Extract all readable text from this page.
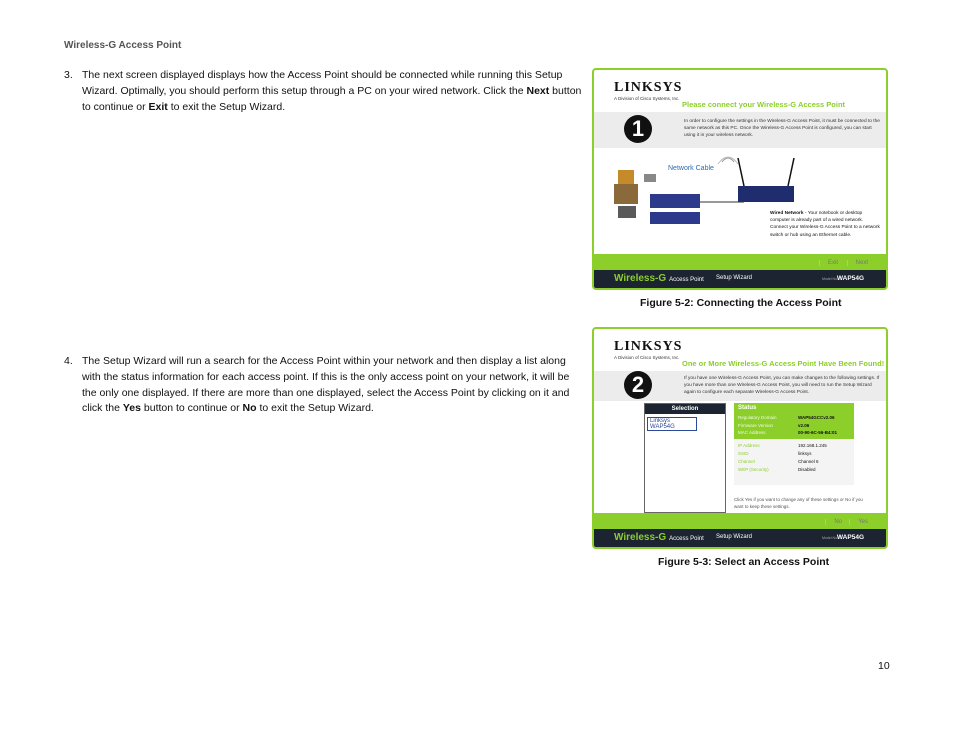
Wireless-G Access Point
3. The next screen displayed displays how the Access Point should be connected while running this Setup Wizard. Optimally, you should perform this setup through a PC on your wired network. Click the Next button to continue or Exit to exit the Setup Wizard.
LINKSYS
A Division of Cisco Systems, Inc.
Please connect your Wireless-G Access Point
1	In order to configure the settings in the Wireless-G Access Point, it must be connected to the same network as this PC. Once the Wireless-G Access Point is configured, you can start using it in your wireless network.
Network Cable
Wired Network - Your notebook or desktop computer is already part of a wired network. Connect your Wireless-G Access Point to a network switch or hub using an Ethernet cable.
Exit	Next
Wireless-G Access Point Setup Wizard	Model No.
WAP54G
Figure 5-2: Connecting the Access Point
4. The Setup Wizard will run a search for the Access Point within your network and then display a list along with the status information for each access point. If this is the only access point on your network, it will be the only one displayed. If there are more than one displayed, select the Access Point by clicking on it and click the Yes button to continue or No to exit the Setup Wizard.
LINKSYS
A Division of Cisco Systems, Inc.
One or More Wireless-G Access Point Have Been Found!
2	If you have one Wireless-G Access Point, you can make changes to the following settings. If you have more than one Wireless-G Access Point, you will need to run the Setup Wizard again to configure each separate Wireless-G Access Point.
Selection
Linksys WAP54G
Status
Regulatory Domain	WAP54GCCv2.06
Firmware Version	v2.06
MAC Address	00-90-6C-56-B4:01
IP Address	192.168.1.245
SSID	linksys
Channel	Channel 6
WEP (Security)	Disabled
Click Yes if you want to change any of these settings or No if you want to keep these settings.
No	Yes
Wireless-G Access Point Setup Wizard	Model No.
WAP54G
Figure 5-3: Select an Access Point
10
